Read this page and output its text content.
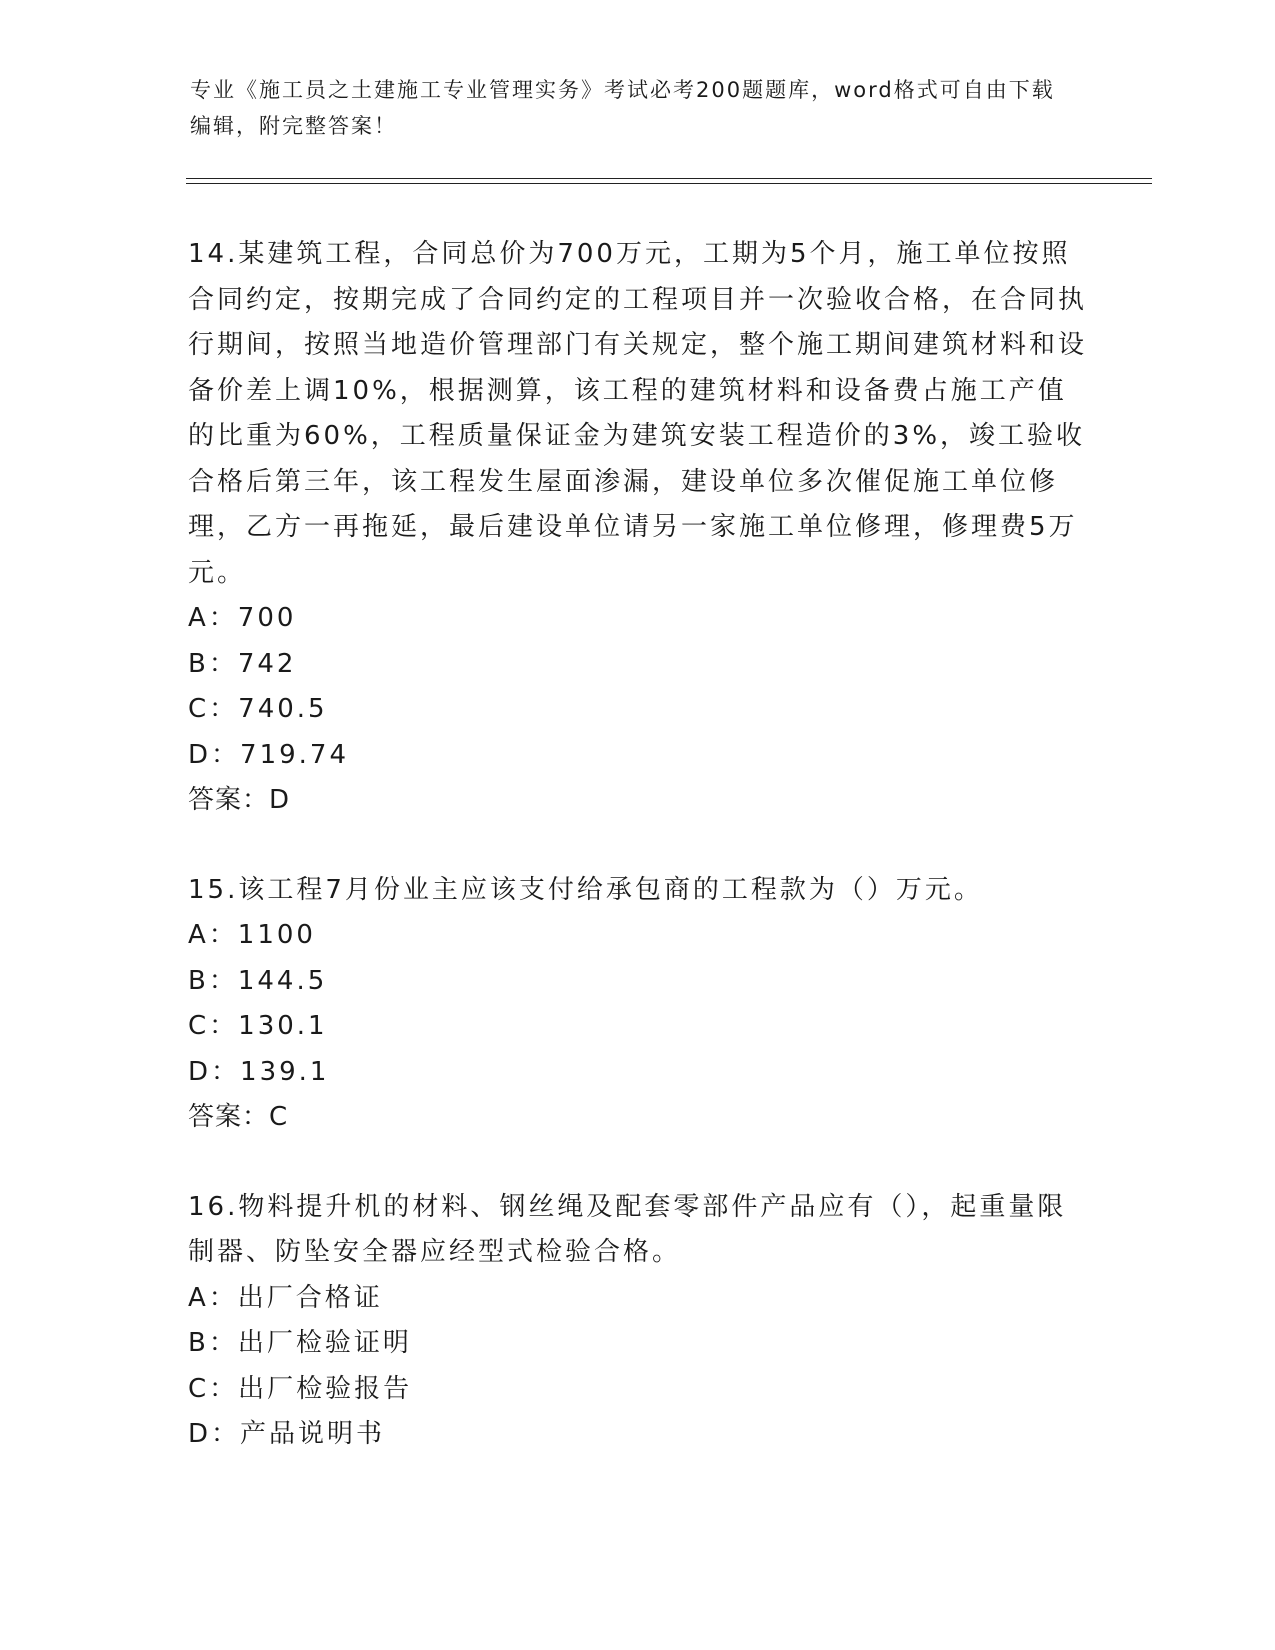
专业《施工员之土建施工专业管理实务》考试必考200题题库，word格式可自由下载编辑，附完整答案！

14.某建筑工程，合同总价为700万元，工期为5个月，施工单位按照合同约定，按期完成了合同约定的工程项目并一次验收合格，在合同执行期间，按照当地造价管理部门有关规定，整个施工期间建筑材料和设备价差上调10%，根据测算，该工程的建筑材料和设备费占施工产值的比重为60%，工程质量保证金为建筑安装工程造价的3%，竣工验收合格后第三年，该工程发生屋面渗漏，建设单位多次催促施工单位修理，乙方一再拖延，最后建设单位请另一家施工单位修理，修理费5万元。

A：700

B：742

C：740.5

D：719.74

答案：D

15.该工程7月份业主应该支付给承包商的工程款为（）万元。

A：1100

B：144.5

C：130.1

D：139.1

答案：C

16.物料提升机的材料、钢丝绳及配套零部件产品应有（），起重量限制器、防坠安全器应经型式检验合格。

A：出厂合格证

B：出厂检验证明

C：出厂检验报告

D：产品说明书
